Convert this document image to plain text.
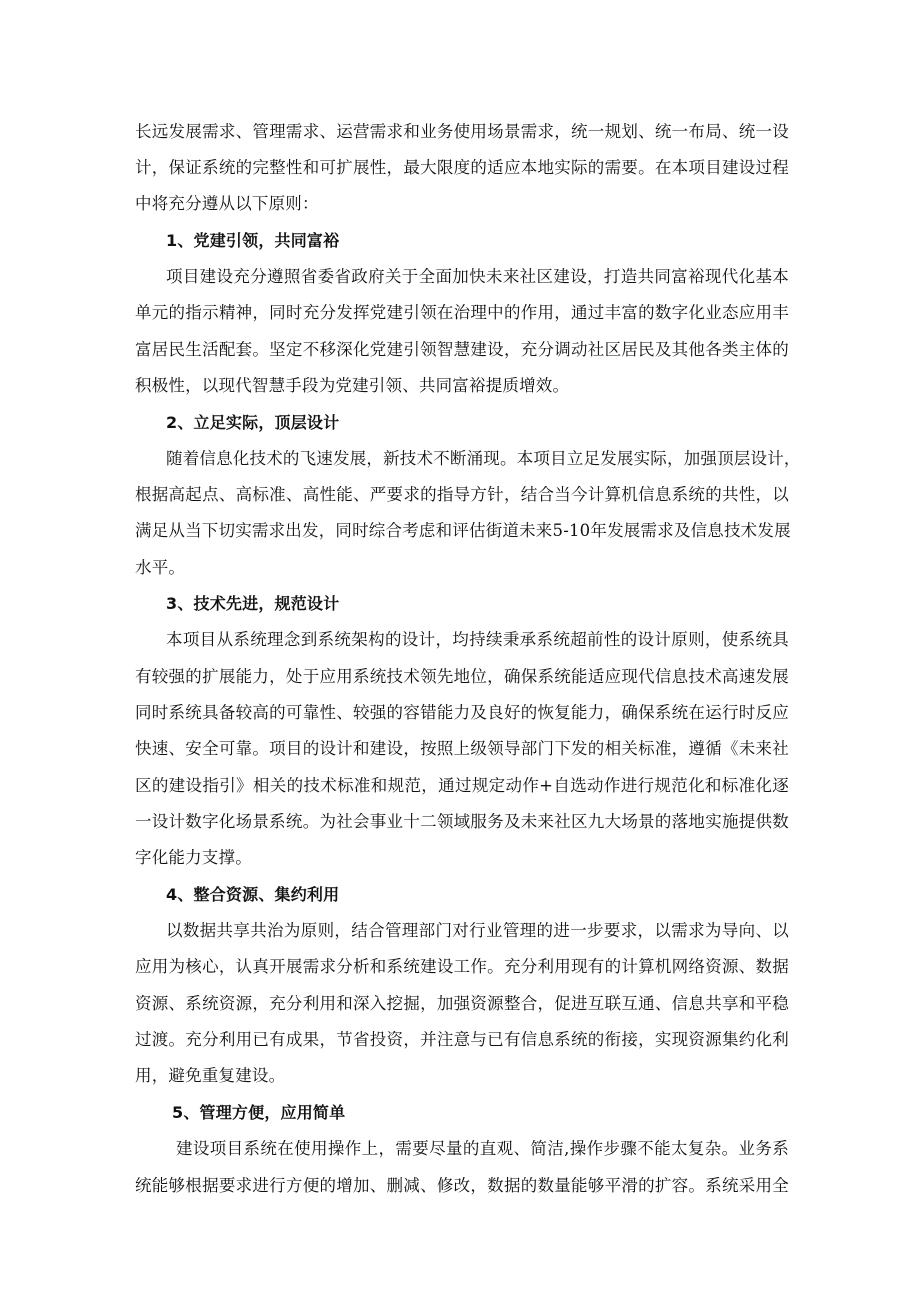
长远发展需求、管理需求、运营需求和业务使用场景需求，统一规划、统一布局、统一设
计，保证系统的完整性和可扩展性，最大限度的适应本地实际的需要。在本项目建设过程
中将充分遵从以下原则：
1、党建引领，共同富裕
项目建设充分遵照省委省政府关于全面加快未来社区建设，打造共同富裕现代化基本
单元的指示精神，同时充分发挥党建引领在治理中的作用，通过丰富的数字化业态应用丰
富居民生活配套。坚定不移深化党建引领智慧建设，充分调动社区居民及其他各类主体的
积极性，以现代智慧手段为党建引领、共同富裕提质增效。
2、立足实际，顶层设计
随着信息化技术的飞速发展，新技术不断涌现。本项目立足发展实际，加强顶层设计，
根据高起点、高标准、高性能、严要求的指导方针，结合当今计算机信息系统的共性，以
满足从当下切实需求出发，同时综合考虑和评估街道未来5-10年发展需求及信息技术发展
水平。
3、技术先进，规范设计
本项目从系统理念到系统架构的设计，均持续秉承系统超前性的设计原则，使系统具
有较强的扩展能力，处于应用系统技术领先地位，确保系统能适应现代信息技术高速发展
同时系统具备较高的可靠性、较强的容错能力及良好的恢复能力，确保系统在运行时反应
快速、安全可靠。项目的设计和建设，按照上级领导部门下发的相关标准，遵循《未来社
区的建设指引》相关的技术标准和规范，通过规定动作+自选动作进行规范化和标准化逐
一设计数字化场景系统。为社会事业十二领域服务及未来社区九大场景的落地实施提供数
字化能力支撑。
4、整合资源、集约利用
以数据共享共治为原则，结合管理部门对行业管理的进一步要求，以需求为导向、以
应用为核心，认真开展需求分析和系统建设工作。充分利用现有的计算机网络资源、数据
资源、系统资源，充分利用和深入挖掘，加强资源整合，促进互联互通、信息共享和平稳
过渡。充分利用已有成果，节省投资，并注意与已有信息系统的衔接，实现资源集约化利
用，避免重复建设。
5、管理方便，应用简单
建设项目系统在使用操作上，需要尽量的直观、简洁,操作步骤不能太复杂。业务系
统能够根据要求进行方便的增加、删减、修改，数据的数量能够平滑的扩容。系统采用全
